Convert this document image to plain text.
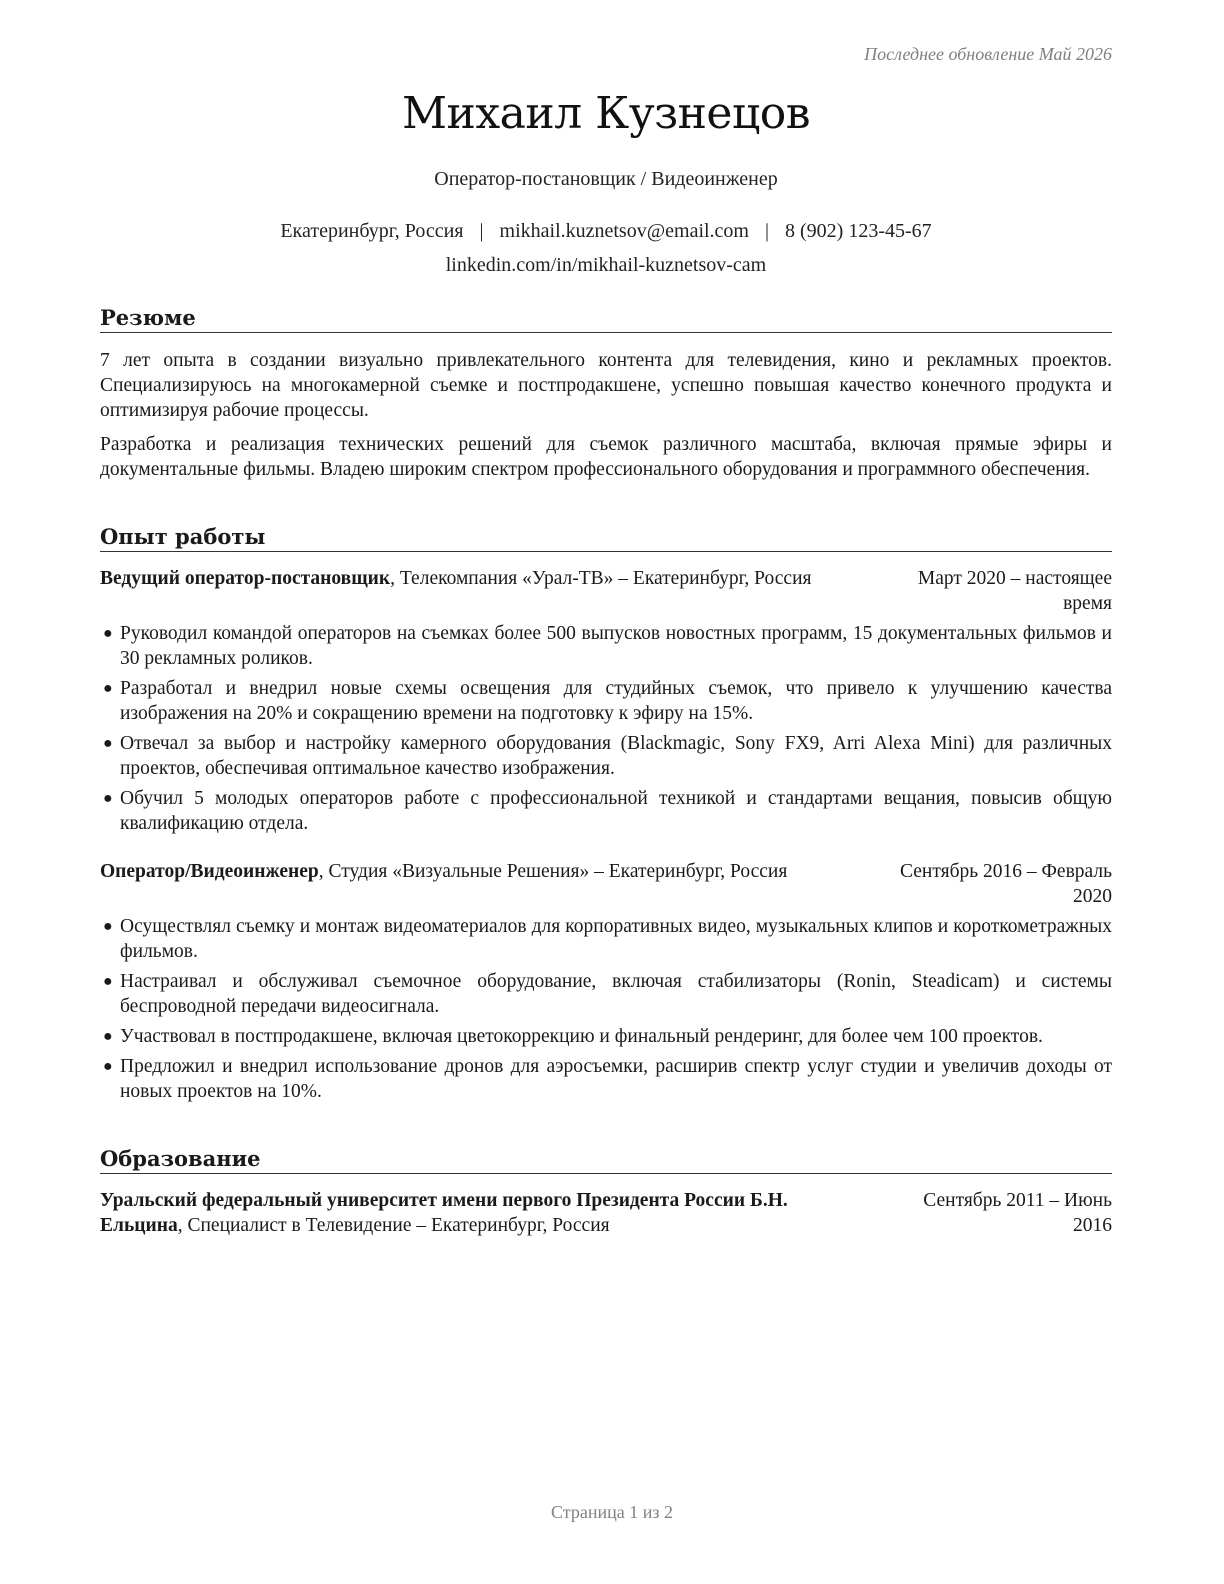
Последнее обновление Май 2026
Михаил Кузнецов
Оператор-постановщик / Видеоинженер
Екатеринбург, Россия | mikhail.kuznetsov@email.com | 8 (902) 123-45-67
linkedin.com/in/mikhail-kuznetsov-cam
Резюме
7 лет опыта в создании визуально привлекательного контента для телевидения, кино и рекламных проектов. Специализируюсь на многокамерной съемке и постпродакшене, успешно повышая качество конечного продукта и оптимизируя рабочие процессы.
Разработка и реализация технических решений для съемок различного масштаба, включая прямые эфиры и документальные фильмы. Владею широким спектром профессионального оборудования и программного обеспечения.
Опыт работы
Ведущий оператор-постановщик, Телекомпания «Урал-ТВ» – Екатеринбург, Россия	Март 2020 – настоящее
время
● Руководил командой операторов на съемках более 500 выпусков новостных программ, 15 документальных фильмов и 30 рекламных роликов.
● Разработал и внедрил новые схемы освещения для студийных съемок, что привело к улучшению качества изображения на 20% и сокращению времени на подготовку к эфиру на 15%.
● Отвечал за выбор и настройку камерного оборудования (Blackmagic, Sony FX9, Arri Alexa Mini) для различных проектов, обеспечивая оптимальное качество изображения.
● Обучил 5 молодых операторов работе с профессиональной техникой и стандартами вещания, повысив общую квалификацию отдела.
Оператор/Видеоинженер, Студия «Визуальные Решения» – Екатеринбург, Россия	Сентябрь 2016 – Февраль
2020
● Осуществлял съемку и монтаж видеоматериалов для корпоративных видео, музыкальных клипов и короткометражных фильмов.
● Настраивал и обслуживал съемочное оборудование, включая стабилизаторы (Ronin, Steadicam) и системы беспроводной передачи видеосигнала.
● Участвовал в постпродакшене, включая цветокоррекцию и финальный рендеринг, для более чем 100 проектов.
● Предложил и внедрил использование дронов для аэросъемки, расширив спектр услуг студии и увеличив доходы от новых проектов на 10%.
Образование
Уральский федеральный университет имени первого Президента России Б.Н.
Ельцина, Специалист в Телевидение – Екатеринбург, Россия
Сентябрь 2011 – Июнь
2016
Страница 1 из 2
